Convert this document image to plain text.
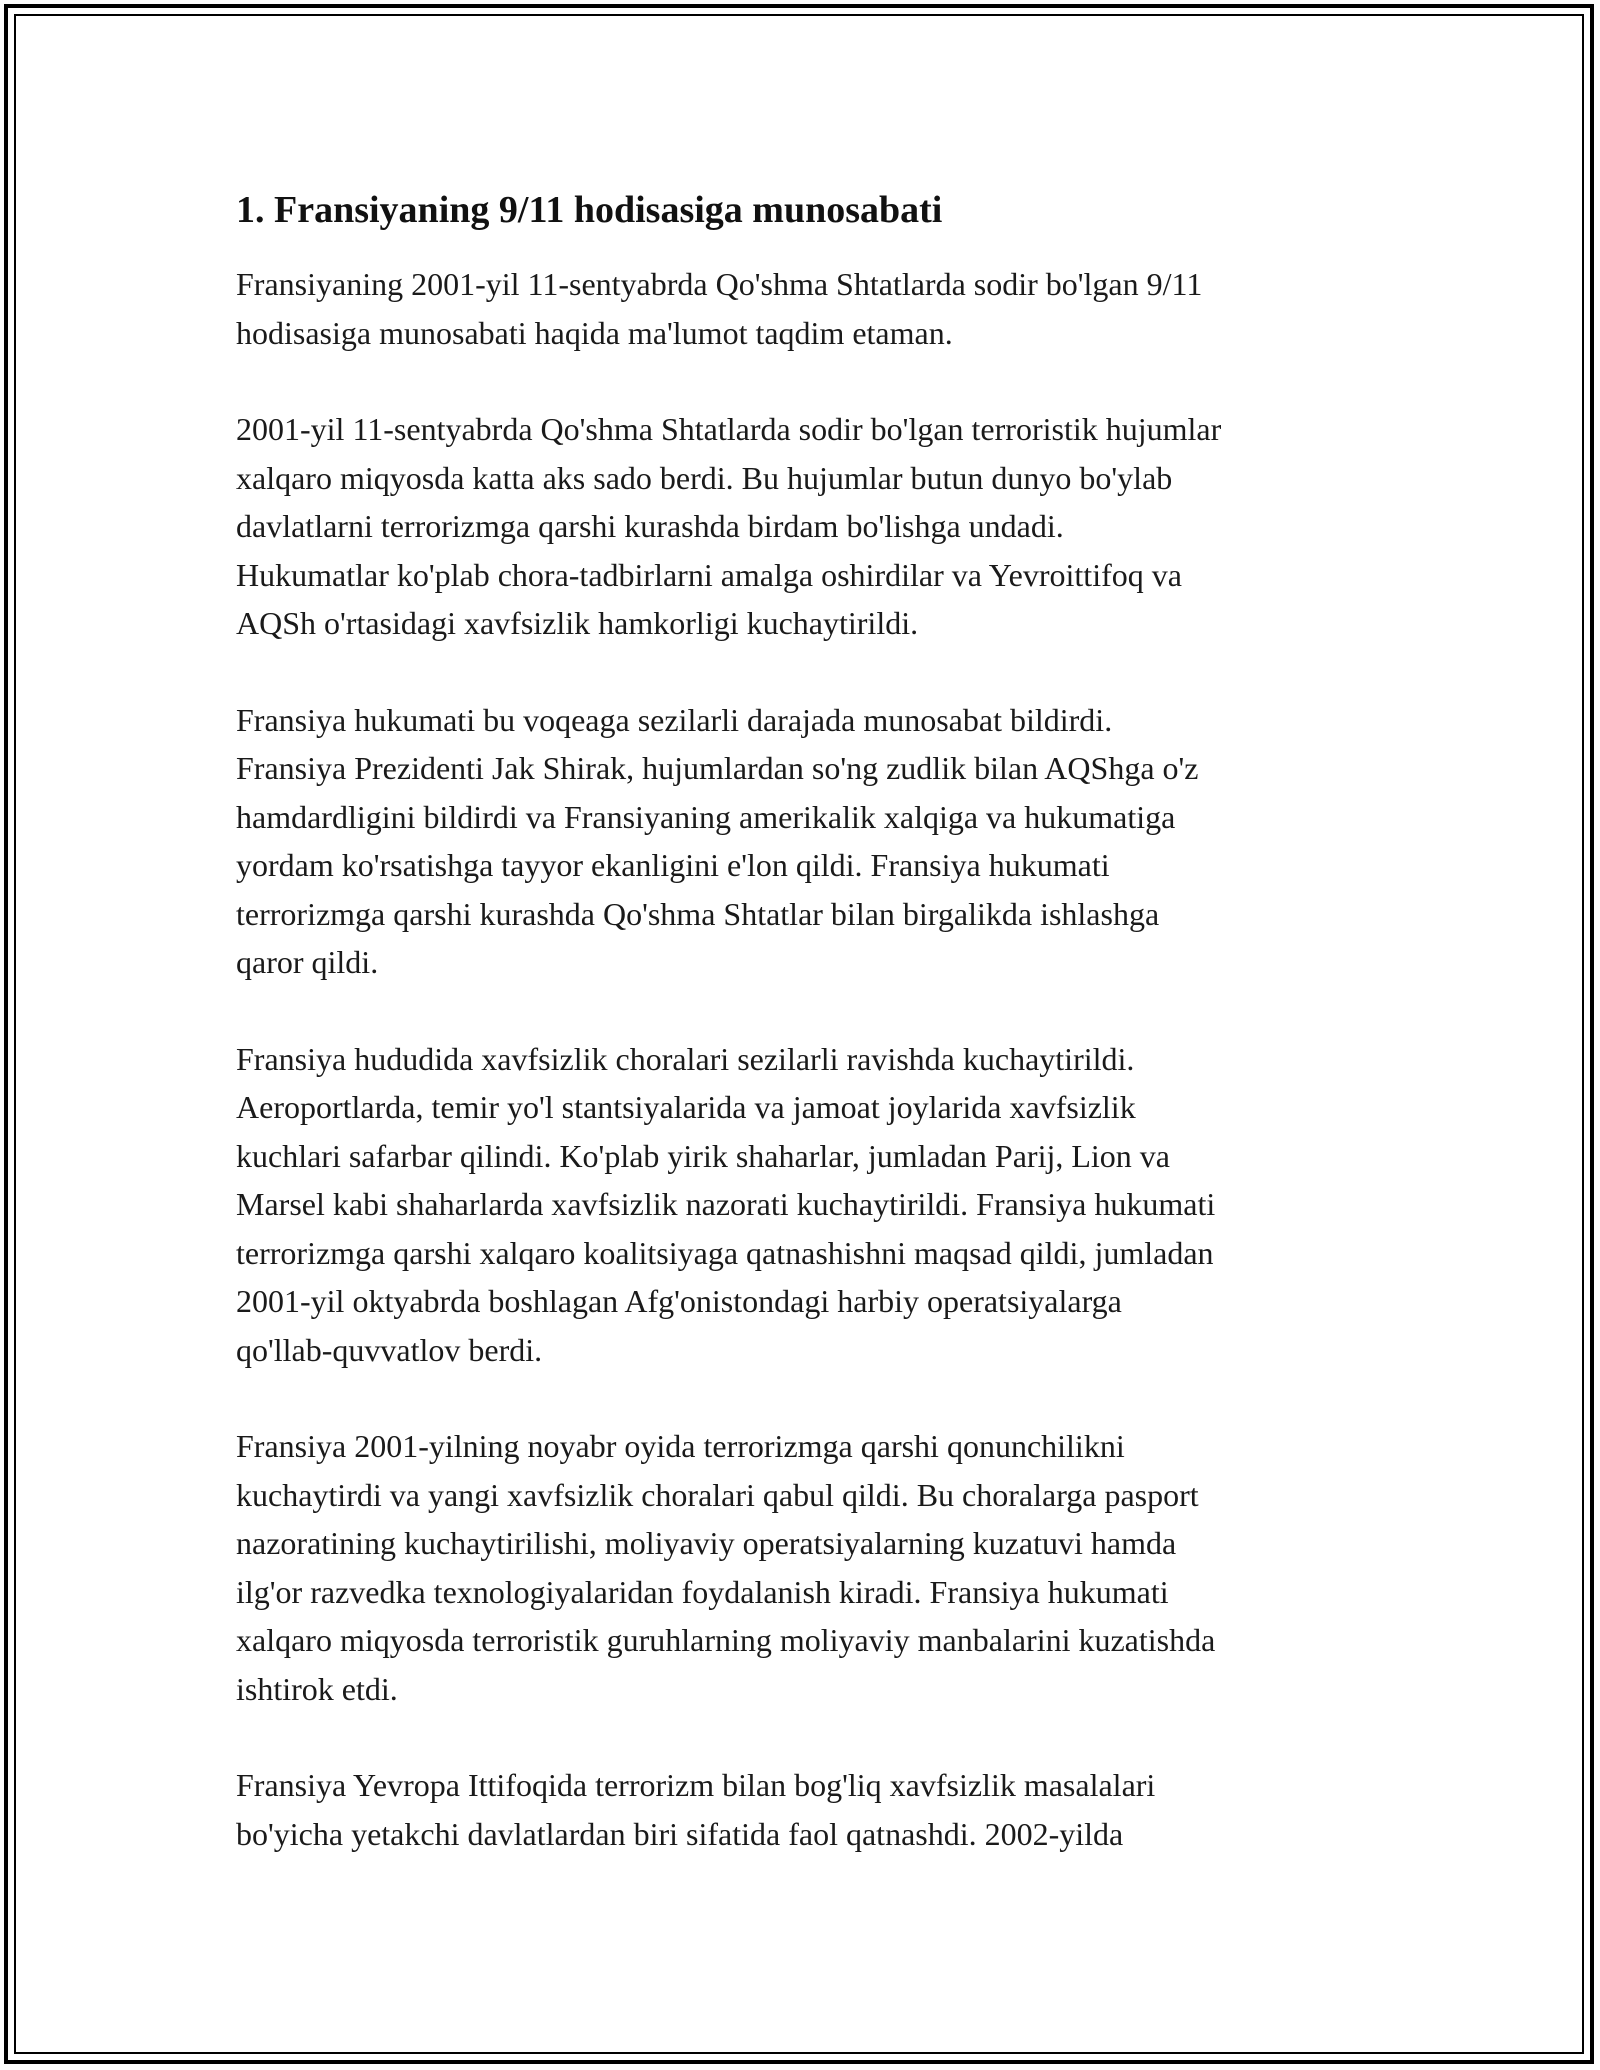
1. Fransiyaning 9/11 hodisasiga munosabati

Fransiyaning 2001-yil 11-sentyabrda Qo'shma Shtatlarda sodir bo'lgan 9/11
hodisasiga munosabati haqida ma'lumot taqdim etaman.

2001-yil 11-sentyabrda Qo'shma Shtatlarda sodir bo'lgan terroristik hujumlar
xalqaro miqyosda katta aks sado berdi. Bu hujumlar butun dunyo bo'ylab
davlatlarni terrorizmga qarshi kurashda birdam bo'lishga undadi.
Hukumatlar ko'plab chora-tadbirlarni amalga oshirdilar va Yevroittifoq va
AQSh o'rtasidagi xavfsizlik hamkorligi kuchaytirildi.

Fransiya hukumati bu voqeaga sezilarli darajada munosabat bildirdi.
Fransiya Prezidenti Jak Shirak, hujumlardan so'ng zudlik bilan AQShga o'z
hamdardligini bildirdi va Fransiyaning amerikalik xalqiga va hukumatiga
yordam ko'rsatishga tayyor ekanligini e'lon qildi. Fransiya hukumati
terrorizmga qarshi kurashda Qo'shma Shtatlar bilan birgalikda ishlashga
qaror qildi.

Fransiya hududida xavfsizlik choralari sezilarli ravishda kuchaytirildi.
Aeroportlarda, temir yo'l stantsiyalarida va jamoat joylarida xavfsizlik
kuchlari safarbar qilindi. Ko'plab yirik shaharlar, jumladan Parij, Lion va
Marsel kabi shaharlarda xavfsizlik nazorati kuchaytirildi. Fransiya hukumati
terrorizmga qarshi xalqaro koalitsiyaga qatnashishni maqsad qildi, jumladan
2001-yil oktyabrda boshlagan Afg'onistondagi harbiy operatsiyalarga
qo'llab-quvvatlov berdi.

Fransiya 2001-yilning noyabr oyida terrorizmga qarshi qonunchilikni
kuchaytirdi va yangi xavfsizlik choralari qabul qildi. Bu choralarga pasport
nazoratining kuchaytirilishi, moliyaviy operatsiyalarning kuzatuvi hamda
ilg'or razvedka texnologiyalaridan foydalanish kiradi. Fransiya hukumati
xalqaro miqyosda terroristik guruhlarning moliyaviy manbalarini kuzatishda
ishtirok etdi.

Fransiya Yevropa Ittifoqida terrorizm bilan bog'liq xavfsizlik masalalari
bo'yicha yetakchi davlatlardan biri sifatida faol qatnashdi. 2002-yilda
